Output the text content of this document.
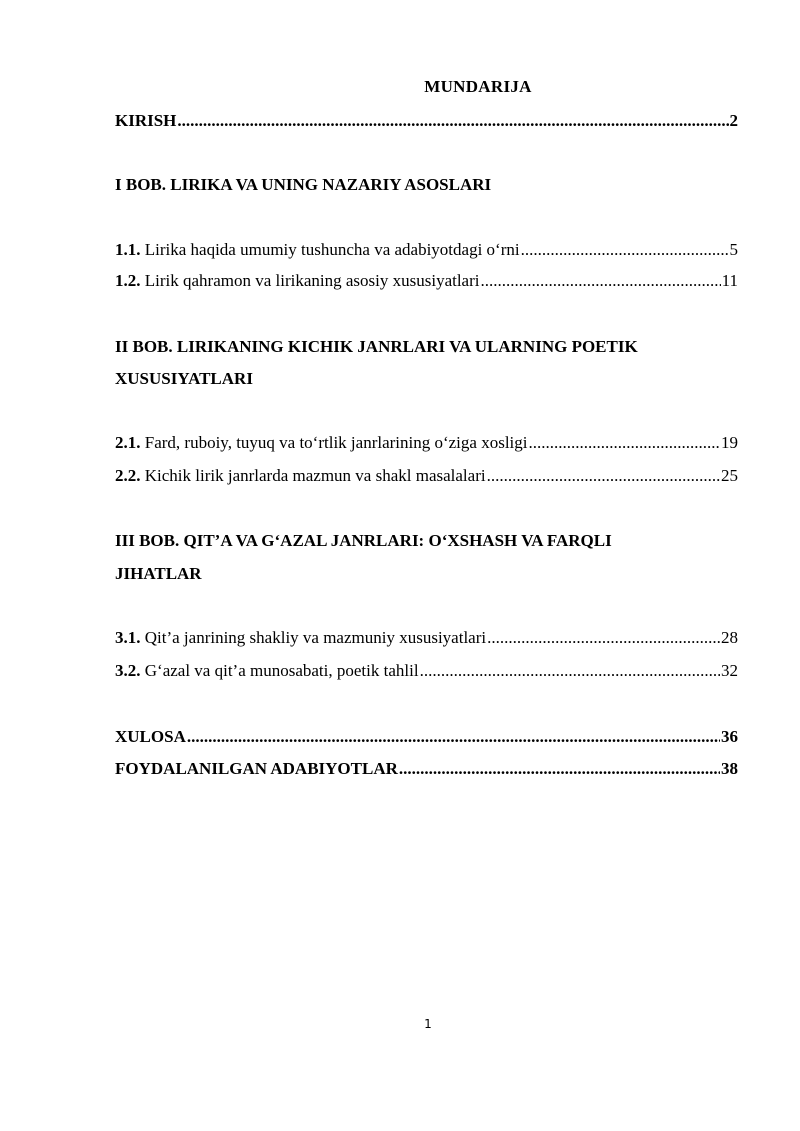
MUNDARIJA
KIRISH .....	2
I BOB. LIRIKA VA UNING NAZARIY ASOSLARI
1.1. Lirika haqida umumiy tushuncha va adabiyotdagi o‘rni .....	5
1.2. Lirik qahramon va lirikaning asosiy xususiyatlari .....	11
II BOB. LIRIKANING KICHIK JANRLARI VA ULARNING POETIK
XUSUSIYATLARI
2.1. Fard, ruboiy, tuyuq va to‘rtlik janrlarining o‘ziga xosligi .....	19
2.2. Kichik lirik janrlarda mazmun va shakl masalalari .....	25
III BOB. QIT’A VA G‘AZAL JANRLARI: O‘XSHASH VA FARQLI
JIHATLAR
3.1. Qit’a janrining shakliy va mazmuniy xususiyatlari .....	28
3.2. G‘azal va qit’a munosabati, poetik tahlil .....	32
XULOSA .....	36
FOYDALANILGAN ADABIYOTLAR .....	38
1
